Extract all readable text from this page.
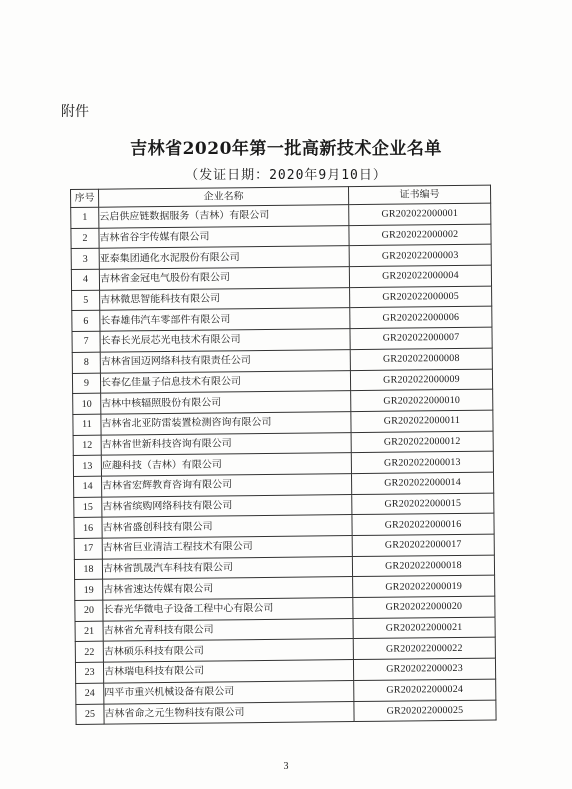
附件
吉林省2020年第一批高新技术企业名单
（发证日期：2020年9月10日）
序号	企业名称	证书编号
1	云启供应链数据服务（吉林）有限公司	GR202022000001
2	吉林省谷宇传媒有限公司	GR202022000002
3	亚泰集团通化水泥股份有限公司	GR202022000003
4	吉林省金冠电气股份有限公司	GR202022000004
5	吉林微思智能科技有限公司	GR202022000005
6	长春雄伟汽车零部件有限公司	GR202022000006
7	长春长光辰芯光电技术有限公司	GR202022000007
8	吉林省国迈网络科技有限责任公司	GR202022000008
9	长春亿佳量子信息技术有限公司	GR202022000009
10	吉林中核辐照股份有限公司	GR202022000010
11	吉林省北亚防雷装置检测咨询有限公司	GR202022000011
12	吉林省世新科技咨询有限公司	GR202022000012
13	应趣科技（吉林）有限公司	GR202022000013
14	吉林省宏辉教育咨询有限公司	GR202022000014
15	吉林省缤购网络科技有限公司	GR202022000015
16	吉林省盛创科技有限公司	GR202022000016
17	吉林省巨业清洁工程技术有限公司	GR202022000017
18	吉林省凯晟汽车科技有限公司	GR202022000018
19	吉林省速达传媒有限公司	GR202022000019
20	长春光华微电子设备工程中心有限公司	GR202022000020
21	吉林省允青科技有限公司	GR202022000021
22	吉林硕乐科技有限公司	GR202022000022
23	吉林瑞电科技有限公司	GR202022000023
24	四平市重兴机械设备有限公司	GR202022000024
25	吉林省命之元生物科技有限公司	GR202022000025
3
